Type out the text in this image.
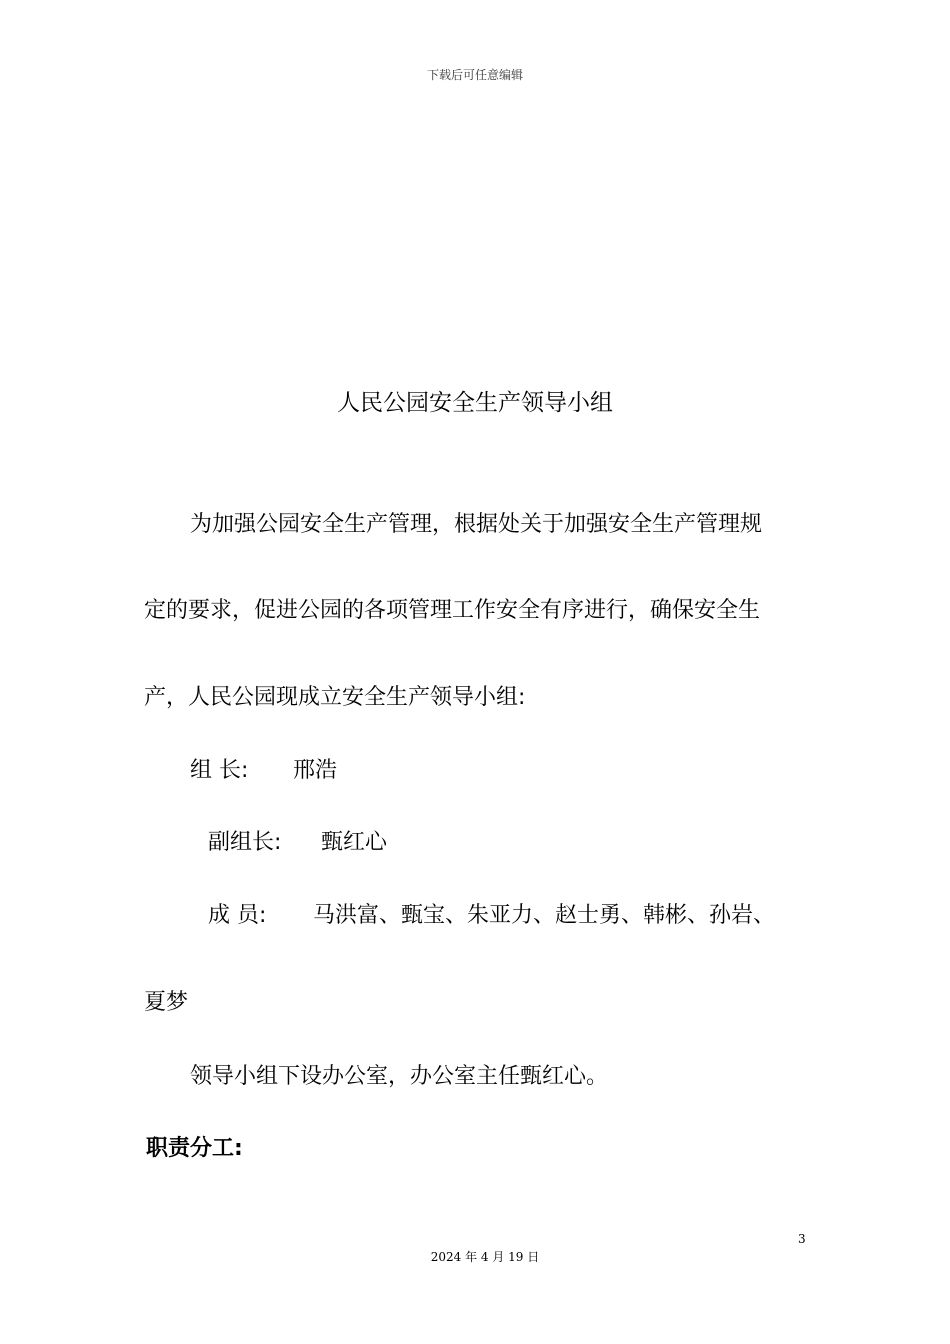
下载后可任意编辑
人民公园安全生产领导小组
为加强公园安全生产管理，根据处关于加强安全生产管理规
定的要求，促进公园的各项管理工作安全有序进行，确保安全生
产，人民公园现成立安全生产领导小组:
组 长: 邢浩
副组长: 甄红心
成 员: 马洪富、甄宝、朱亚力、赵士勇、韩彬、孙岩、
夏梦
领导小组下设办公室，办公室主任甄红心。
职责分工:
3
2024 年 4 月 19 日
